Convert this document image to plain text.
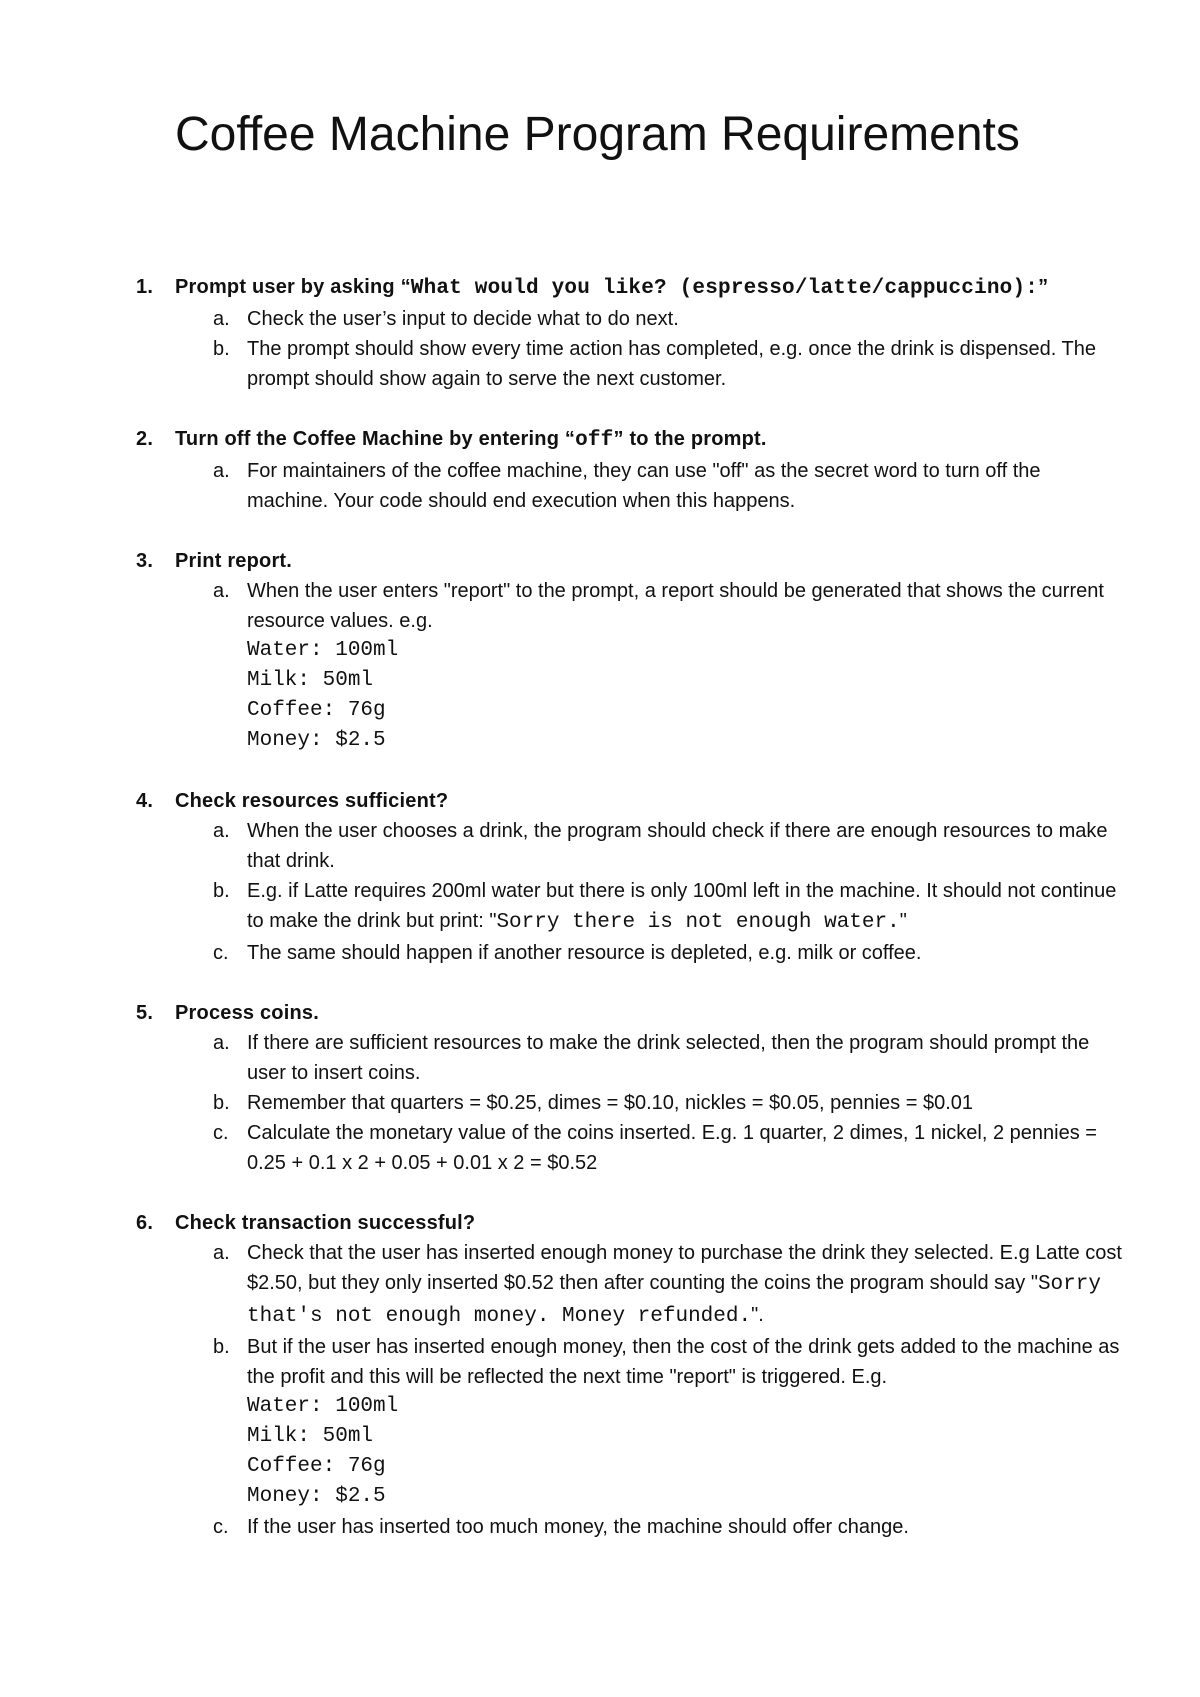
Coffee Machine Program Requirements
1. Prompt user by asking “What would you like? (espresso/latte/cappuccino):”
a. Check the user’s input to decide what to do next.
b. The prompt should show every time action has completed, e.g. once the drink is dispensed. The prompt should show again to serve the next customer.
2. Turn off the Coffee Machine by entering “off” to the prompt.
a. For maintainers of the coffee machine, they can use "off" as the secret word to turn off the machine. Your code should end execution when this happens.
3. Print report.
a. When the user enters "report" to the prompt, a report should be generated that shows the current resource values. e.g.
Water: 100ml
Milk: 50ml
Coffee: 76g
Money: $2.5
4. Check resources sufficient?
a. When the user chooses a drink, the program should check if there are enough resources to make that drink.
b. E.g. if Latte requires 200ml water but there is only 100ml left in the machine. It should not continue to make the drink but print: "Sorry there is not enough water."
c. The same should happen if another resource is depleted, e.g. milk or coffee.
5. Process coins.
a. If there are sufficient resources to make the drink selected, then the program should prompt the user to insert coins.
b. Remember that quarters = $0.25, dimes = $0.10, nickles = $0.05, pennies = $0.01
c. Calculate the monetary value of the coins inserted. E.g. 1 quarter, 2 dimes, 1 nickel, 2 pennies = 0.25 + 0.1 x 2 + 0.05 + 0.01 x 2 = $0.52
6. Check transaction successful?
a. Check that the user has inserted enough money to purchase the drink they selected. E.g Latte cost $2.50, but they only inserted $0.52 then after counting the coins the program should say "Sorry that's not enough money. Money refunded.".
b. But if the user has inserted enough money, then the cost of the drink gets added to the machine as the profit and this will be reflected the next time "report" is triggered. E.g.
Water: 100ml
Milk: 50ml
Coffee: 76g
Money: $2.5
c. If the user has inserted too much money, the machine should offer change.
